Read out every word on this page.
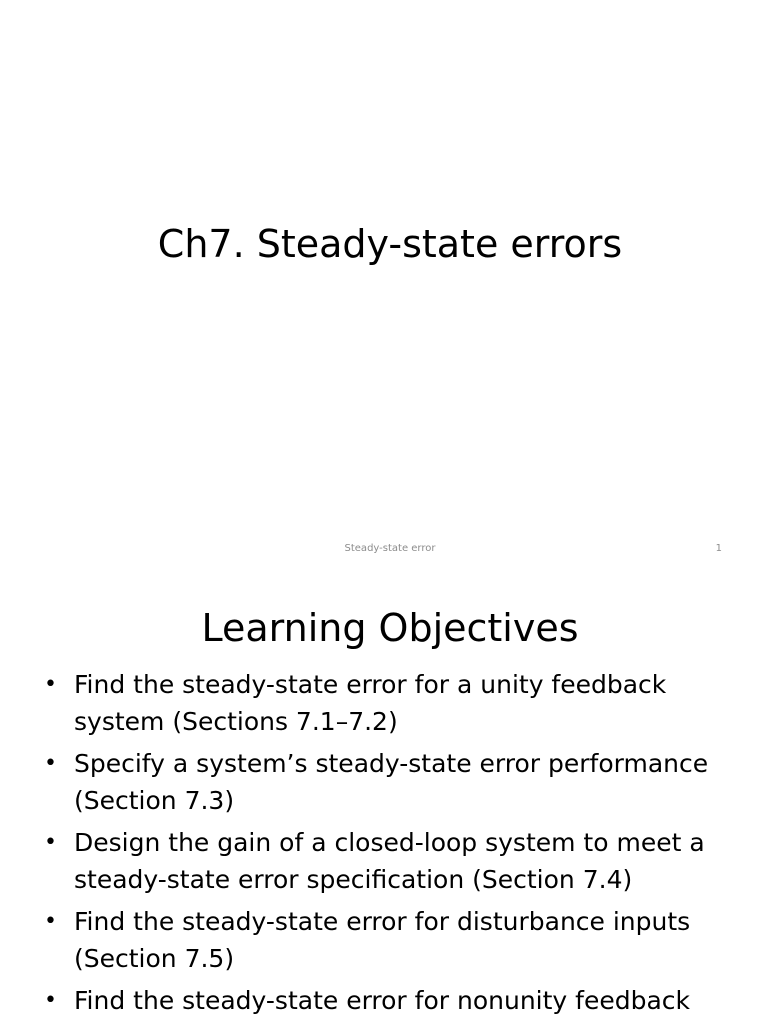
Ch7. Steady-state errors
Steady-state error	1
Learning Objectives
• Find the steady-state error for a unity feedback system (Sections 7.1–7.2)
• Specify a system’s steady-state error performance (Section 7.3)
• Design the gain of a closed-loop system to meet a steady-state error specification (Section 7.4)
• Find the steady-state error for disturbance inputs (Section 7.5)
• Find the steady-state error for nonunity feedback
